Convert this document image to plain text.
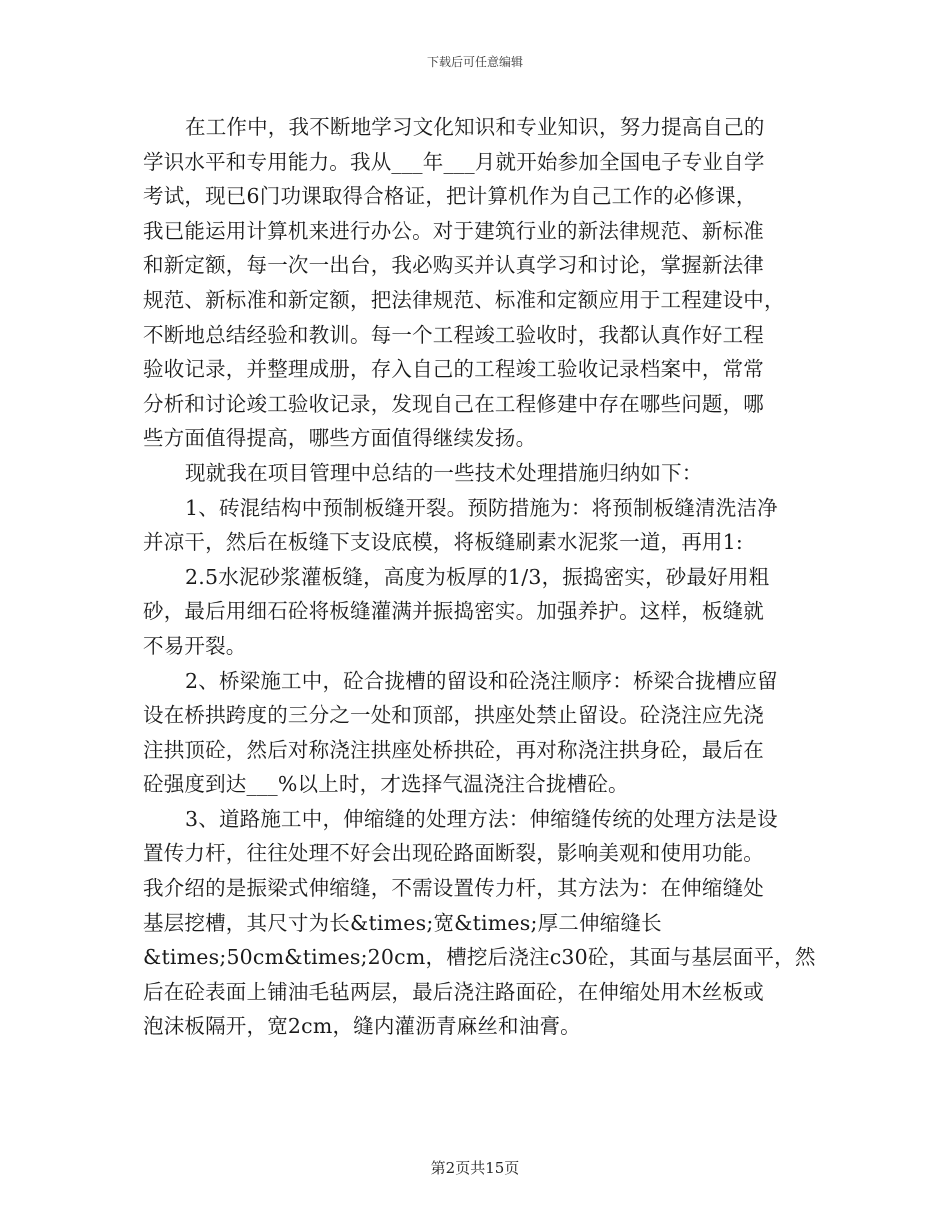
下载后可任意编辑
在工作中，我不断地学习文化知识和专业知识，努力提高自己的
学识水平和专用能力。我从___年___月就开始参加全国电子专业自学
考试，现已6门功课取得合格证，把计算机作为自己工作的必修课，
我已能运用计算机来进行办公。对于建筑行业的新法律规范、新标准
和新定额，每一次一出台，我必购买并认真学习和讨论，掌握新法律
规范、新标准和新定额，把法律规范、标准和定额应用于工程建设中，
不断地总结经验和教训。每一个工程竣工验收时，我都认真作好工程
验收记录，并整理成册，存入自己的工程竣工验收记录档案中，常常
分析和讨论竣工验收记录，发现自己在工程修建中存在哪些问题，哪
些方面值得提高，哪些方面值得继续发扬。
现就我在项目管理中总结的一些技术处理措施归纳如下：
1、砖混结构中预制板缝开裂。预防措施为：将预制板缝清洗洁净
并凉干，然后在板缝下支设底模，将板缝刷素水泥浆一道，再用1:
2.5水泥砂浆灌板缝，高度为板厚的1/3，振捣密实，砂最好用粗
砂，最后用细石砼将板缝灌满并振捣密实。加强养护。这样，板缝就
不易开裂。
2、桥梁施工中，砼合拢槽的留设和砼浇注顺序：桥梁合拢槽应留
设在桥拱跨度的三分之一处和顶部，拱座处禁止留设。砼浇注应先浇
注拱顶砼，然后对称浇注拱座处桥拱砼，再对称浇注拱身砼，最后在
砼强度到达___%以上时，才选择气温浇注合拢槽砼。
3、道路施工中，伸缩缝的处理方法：伸缩缝传统的处理方法是设
置传力杆，往往处理不好会出现砼路面断裂，影响美观和使用功能。
我介绍的是振梁式伸缩缝，不需设置传力杆，其方法为：在伸缩缝处
基层挖槽，其尺寸为长&times;宽&times;厚二伸缩缝长
&times;50cm&times;20cm，槽挖后浇注c30砼，其面与基层面平，然
后在砼表面上铺油毛毡两层，最后浇注路面砼，在伸缩处用木丝板或
泡沫板隔开，宽2cm，缝内灌沥青麻丝和油膏。
第2页共15页
